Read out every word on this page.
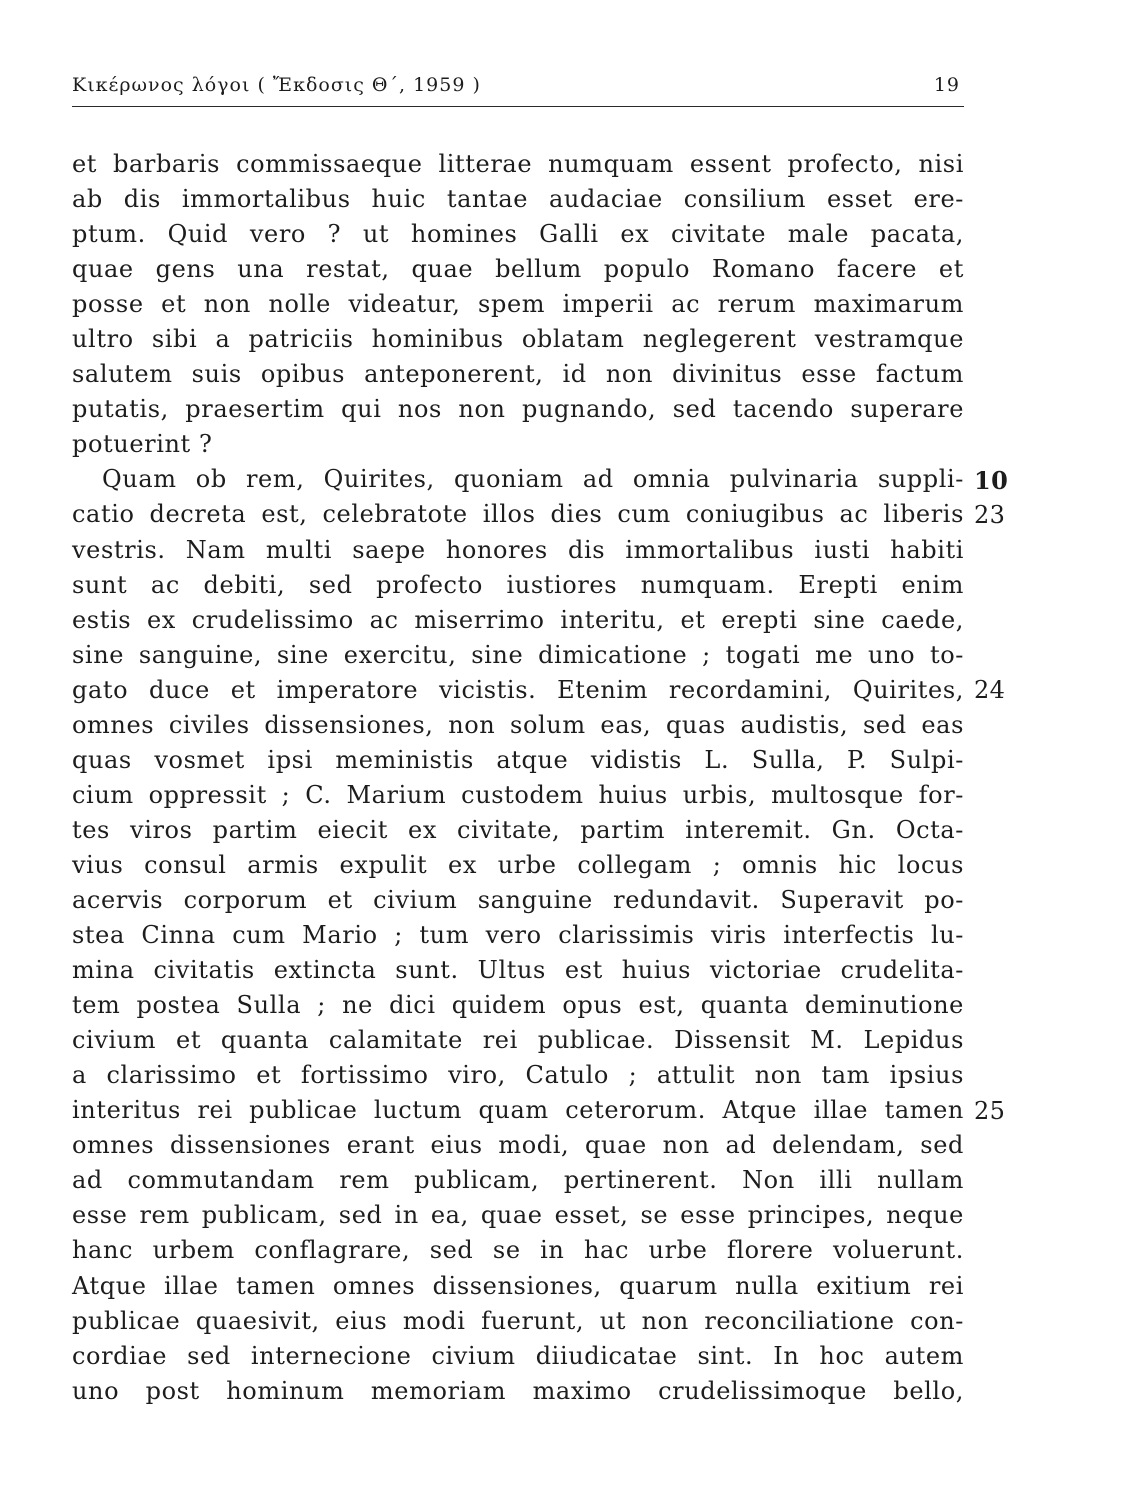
Κικέρωνος λόγοι ( Ἔκδοσις Θ΄, 1959 )	19
et barbaris commissaeque litterae numquam essent profecto, nisi
ab dis immortalibus huic tantae audaciae consilium esset ere-
ptum. Quid vero ? ut homines Galli ex civitate male pacata,
quae gens una restat, quae bellum populo Romano facere et
posse et non nolle videatur, spem imperii ac rerum maximarum
ultro sibi a patriciis hominibus oblatam neglegerent vestramque
salutem suis opibus anteponerent, id non divinitus esse factum
putatis, praesertim qui nos non pugnando, sed tacendo superare
potuerint ?
Quam ob rem, Quirites, quoniam ad omnia pulvinaria suppli-
catio decreta est, celebratote illos dies cum coniugibus ac liberis
vestris. Nam multi saepe honores dis immortalibus iusti habiti
sunt ac debiti, sed profecto iustiores numquam. Erepti enim
estis ex crudelissimo ac miserrimo interitu, et erepti sine caede,
sine sanguine, sine exercitu, sine dimicatione ; togati me uno to-
gato duce et imperatore vicistis. Etenim recordamini, Quirites,
omnes civiles dissensiones, non solum eas, quas audistis, sed eas
quas vosmet ipsi meministis atque vidistis L. Sulla, P. Sulpi-
cium oppressit ; C. Marium custodem huius urbis, multosque for-
tes viros partim eiecit ex civitate, partim interemit. Gn. Octa-
vius consul armis expulit ex urbe collegam ; omnis hic locus
acervis corporum et civium sanguine redundavit. Superavit po-
stea Cinna cum Mario ; tum vero clarissimis viris interfectis lu-
mina civitatis extincta sunt. Ultus est huius victoriae crudelita-
tem postea Sulla ; ne dici quidem opus est, quanta deminutione
civium et quanta calamitate rei publicae. Dissensit M. Lepidus
a clarissimo et fortissimo viro, Catulo ; attulit non tam ipsius
interitus rei publicae luctum quam ceterorum. Atque illae tamen
omnes dissensiones erant eius modi, quae non ad delendam, sed
ad commutandam rem publicam, pertinerent. Non illi nullam
esse rem publicam, sed in ea, quae esset, se esse principes, neque
hanc urbem conflagrare, sed se in hac urbe florere voluerunt.
Atque illae tamen omnes dissensiones, quarum nulla exitium rei
publicae quaesivit, eius modi fuerunt, ut non reconciliatione con-
cordiae sed internecione civium diiudicatae sint. In hoc autem
uno post hominum memoriam maximo crudelissimoque bello,
10
23
24
25
